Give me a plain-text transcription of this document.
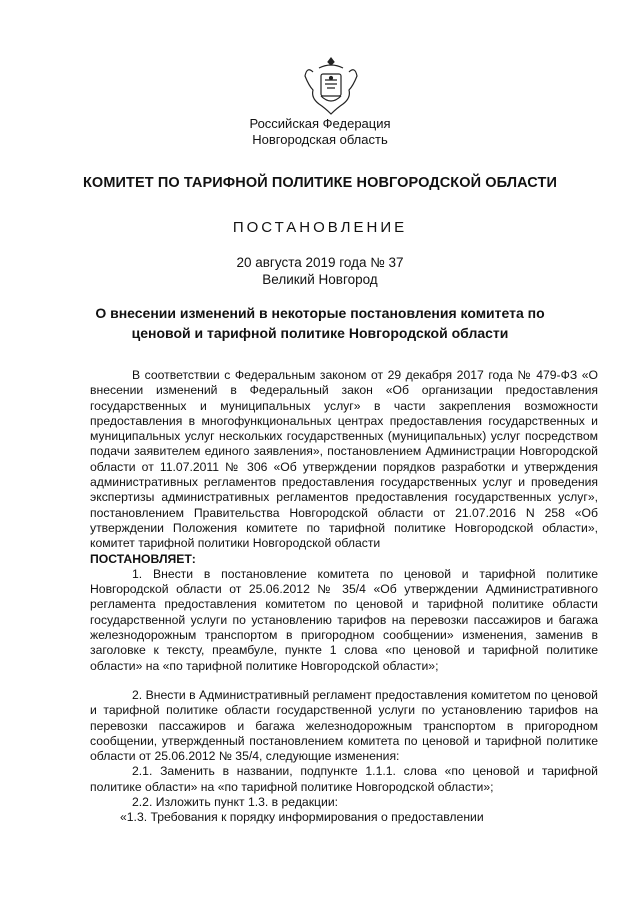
Российская Федерация
Новгородская область
КОМИТЕТ ПО ТАРИФНОЙ ПОЛИТИКЕ НОВГОРОДСКОЙ ОБЛАСТИ
ПОСТАНОВЛЕНИЕ
20 августа 2019 года № 37
Великий Новгород
О внесении изменений в некоторые постановления комитета по ценовой и тарифной политике Новгородской области

В соответствии с Федеральным законом от 29 декабря 2017 года № 479-ФЗ «О внесении изменений в Федеральный закон «Об организации предоставления государственных и муниципальных услуг» в части закрепления возможности предоставления в многофункциональных центрах предоставления государственных и муниципальных услуг нескольких государственных (муниципальных) услуг посредством подачи заявителем единого заявления», постановлением Администрации Новгородской области от 11.07.2011 № 306 «Об утверждении порядков разработки и утверждения административных регламентов предоставления государственных услуг и проведения экспертизы административных регламентов предоставления государственных услуг», постановлением Правительства Новгородской области от 21.07.2016 N 258 «Об утверждении Положения комитете по тарифной политике Новгородской области», комитет тарифной политики Новгородской области

ПОСТАНОВЛЯЕТ:

1. Внести в постановление комитета по ценовой и тарифной политике Новгородской области от 25.06.2012 № 35/4 «Об утверждении Административного регламента предоставления комитетом по ценовой и тарифной политике области государственной услуги по установлению тарифов на перевозки пассажиров и багажа железнодорожным транспортом в пригородном сообщении» изменения, заменив в заголовке к тексту, преамбуле, пункте 1 слова «по ценовой и тарифной политике области» на «по тарифной политике Новгородской области»;

2. Внести в Административный регламент предоставления комитетом по ценовой и тарифной политике области государственной услуги по установлению тарифов на перевозки пассажиров и багажа железнодорожным транспортом в пригородном сообщении, утвержденный постановлением комитета по ценовой и тарифной политике области от 25.06.2012 № 35/4, следующие изменения:

2.1. Заменить в названии, подпункте 1.1.1. слова «по ценовой и тарифной политике области» на «по тарифной политике Новгородской области»;

2.2. Изложить пункт 1.3. в редакции:

«1.3. Требования к порядку информирования о предоставлении
